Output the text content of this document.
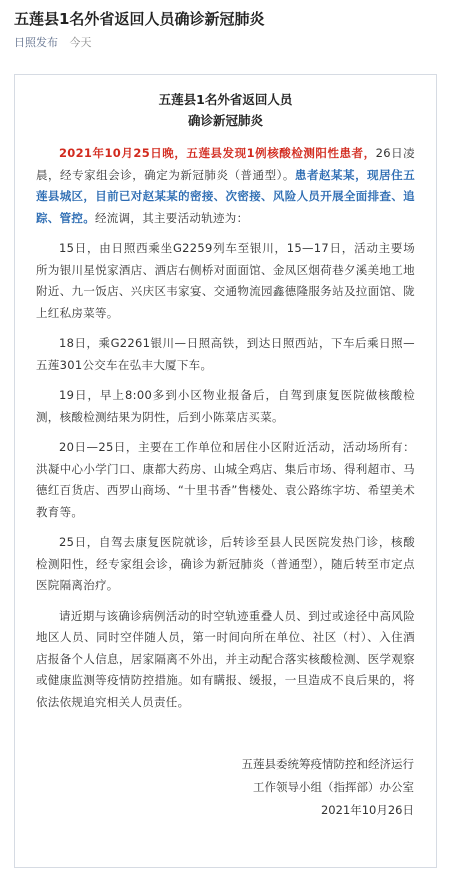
五莲县1名外省返回人员确诊新冠肺炎
日照发布 今天
五莲县1名外省返回人员
确诊新冠肺炎

2021年10月25日晚，五莲县发现1例核酸检测阳性患者，26日凌晨，经专家组会诊，确定为新冠肺炎（普通型）。患者赵某某，现居住五莲县城区，目前已对赵某某的密接、次密接、风险人员开展全面排查、追踪、管控。经流调，其主要活动轨迹为：

15日，由日照西乘坐G2259列车至银川，15—17日，活动主要场所为银川星悦家酒店、酒店右侧桥对面面馆、金凤区烟荷巷夕溪美地工地附近、九一饭店、兴庆区韦家宴、交通物流园鑫德隆服务站及拉面馆、陇上红私房菜等。

18日，乘G2261银川—日照高铁，到达日照西站，下车后乘日照—五莲301公交车在弘丰大厦下车。

19日，早上8:00多到小区物业报备后，自驾到康复医院做核酸检测，核酸检测结果为阴性，后到小陈菜店买菜。

20日—25日，主要在工作单位和居住小区附近活动，活动场所有：洪凝中心小学门口、康都大药房、山城全鸡店、集后市场、得利超市、马德红百货店、西罗山商场、“十里书香”售楼处、袁公路练字坊、希望美术教育等。

25日，自驾去康复医院就诊，后转诊至县人民医院发热门诊，核酸检测阳性，经专家组会诊，确诊为新冠肺炎（普通型），随后转至市定点医院隔离治疗。

请近期与该确诊病例活动的时空轨迹重叠人员、到过或途径中高风险地区人员、同时空伴随人员，第一时间向所在单位、社区（村）、入住酒店报备个人信息，居家隔离不外出，并主动配合落实核酸检测、医学观察或健康监测等疫情防控措施。如有瞒报、缓报，一旦造成不良后果的，将依法依规追究相关人员责任。

五莲县委统筹疫情防控和经济运行
工作领导小组（指挥部）办公室
2021年10月26日
